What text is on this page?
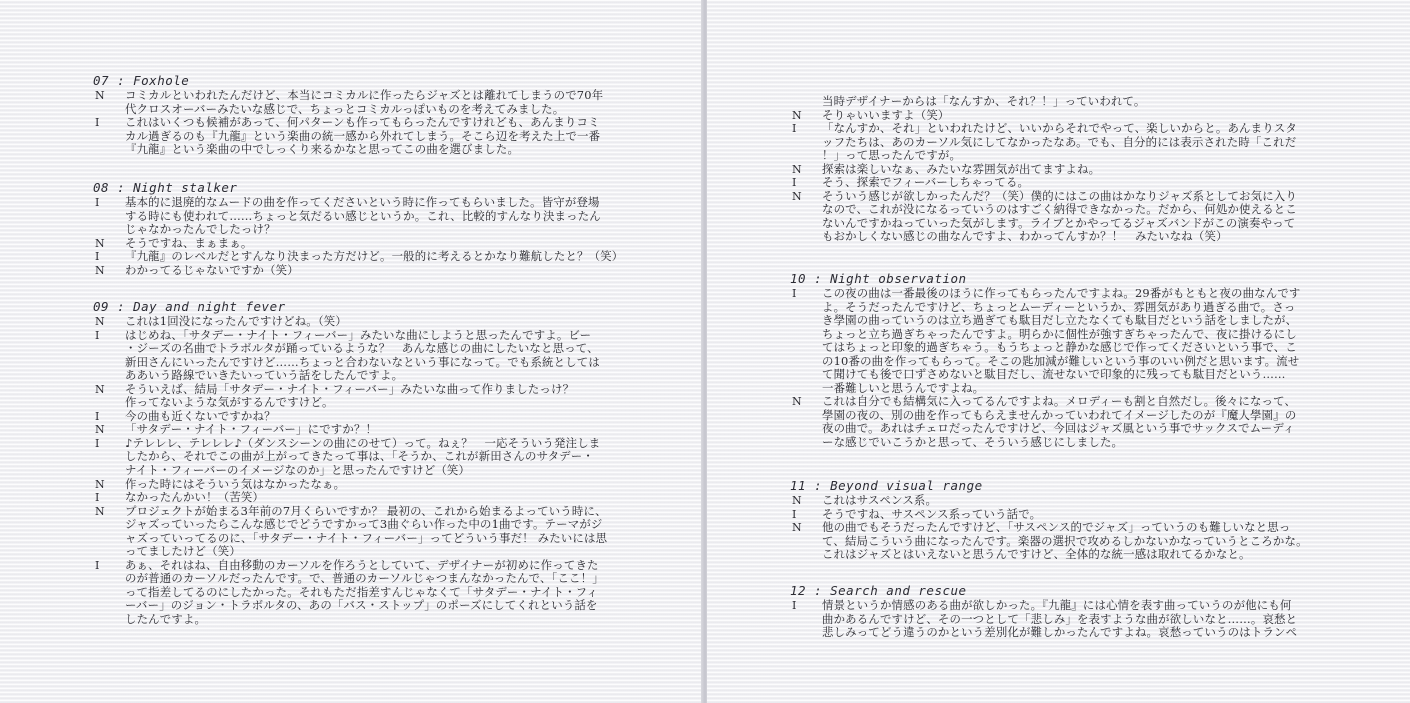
07 : Foxhole
N	コミカルといわれたんだけど、本当にコミカルに作ったらジャズとは離れてしまうので70年
代クロスオーバーみたいな感じで、ちょっとコミカルっぽいものを考えてみました。
I	これはいくつも候補があって、何パターンも作ってもらったんですけれども、あんまりコミ
カル過ぎるのも『九龍』という楽曲の統一感から外れてしまう。そこら辺を考えた上で一番
『九龍』という楽曲の中でしっくり来るかなと思ってこの曲を選びました。
08 : Night stalker
I	基本的に退廃的なムードの曲を作ってくださいという時に作ってもらいました。皆守が登場
する時にも使われて……ちょっと気だるい感じというか。これ、比較的すんなり決まったん
じゃなかったんでしたっけ？
N	そうですね、まぁまぁ。
I	『九龍』のレベルだとすんなり決まった方だけど。一般的に考えるとかなり難航したと？（笑）
N	わかってるじゃないですか（笑）
09 : Day and night fever
N	これは1回没になったんですけどね。（笑）
I	はじめね、「サタデー・ナイト・フィーバー」みたいな曲にしようと思ったんですよ。ビー
・ジーズの名曲でトラボルタが踊っているような？　あんな感じの曲にしたいなと思って、
新田さんにいったんですけど……ちょっと合わないなという事になって。でも系統としては
ああいう路線でいきたいっていう話をしたんですよ。
N	そういえば、結局「サタデー・ナイト・フィーバー」みたいな曲って作りましたっけ？
作ってないような気がするんですけど。
I	今の曲も近くないですかね？
N	「サタデー・ナイト・フィーバー」にですか？！
I	♪テレレレ、テレレレ♪（ダンスシーンの曲にのせて）って。ねぇ？　一応そういう発注しま
したから、それでこの曲が上がってきたって事は、「そうか、これが新田さんのサタデー・
ナイト・フィーバーのイメージなのか」と思ったんですけど（笑）
N	作った時にはそういう気はなかったなぁ。
I	なかったんかい！（苦笑）
N	プロジェクトが始まる3年前の7月くらいですか？ 最初の、これから始まるよっていう時に、
ジャズっていったらこんな感じでどうですかって3曲ぐらい作った中の1曲です。テーマがジ
ャズっていってるのに、「サタデー・ナイト・フィーバー」ってどういう事だ！ みたいには思
ってましたけど（笑）
I	あぁ、それはね、自由移動のカーソルを作ろうとしていて、デザイナーが初めに作ってきた
のが普通のカーソルだったんです。で、普通のカーソルじゃつまんなかったんで、「ここ！」
って指差してるのにしたかった。それもただ指差すんじゃなくて「サタデー・ナイト・フィ
ーバー」のジョン・トラボルタの、あの「バス・ストップ」のポーズにしてくれという話を
したんですよ。
当時デザイナーからは「なんすか、それ？！」っていわれて。
N	そりゃいいますよ（笑）
I	「なんすか、それ」といわれたけど、いいからそれでやって、楽しいからと。あんまりスタ
ッフたちは、あのカーソル気にしてなかったなあ。でも、自分的には表示された時「これだ
！」って思ったんですが。
N	探索は楽しいなぁ、みたいな雰囲気が出てますよね。
I	そう、探索でフィーバーしちゃってる。
N	そういう感じが欲しかったんだ？（笑）僕的にはこの曲はかなりジャズ系としてお気に入り
なので、これが没になるっていうのはすごく納得できなかった。だから、何処か使えるとこ
ないんですかねっていった気がします。ライブとかやってるジャズバンドがこの演奏やって
もおかしくない感じの曲なんですよ、わかってんすか？！　みたいなね（笑）
10 : Night observation
I	この夜の曲は一番最後のほうに作ってもらったんですよね。29番がもともと夜の曲なんです
よ。そうだったんですけど、ちょっとムーディーというか、雰囲気があり過ぎる曲で。さっ
き學園の曲っていうのは立ち過ぎても駄目だし立たなくても駄目だという話をしましたが、
ちょっと立ち過ぎちゃったんですよ。明らかに個性が強すぎちゃったんで、夜に掛けるにし
てはちょっと印象的過ぎちゃう。もうちょっと静かな感じで作ってくださいという事で、こ
の10番の曲を作ってもらって。そこの匙加減が難しいという事のいい例だと思います。流せ
て聞けても後で口ずさめないと駄目だし、流せないで印象的に残っても駄目だという……
一番難しいと思うんですよね。
N	これは自分でも結構気に入ってるんですよね。メロディーも割と自然だし。後々になって、
學園の夜の、別の曲を作ってもらえませんかっていわれてイメージしたのが『魔人學園』の
夜の曲で。あれはチェロだったんですけど、今回はジャズ風という事でサックスでムーディ
ーな感じでいこうかと思って、そういう感じにしました。
11 : Beyond visual range
N	これはサスペンス系。
I	そうですね、サスペンス系っていう話で。
N	他の曲でもそうだったんですけど、「サスペンス的でジャズ」っていうのも難しいなと思っ
て、結局こういう曲になったんです。楽器の選択で攻めるしかないかなっていうところかな。
これはジャズとはいえないと思うんですけど、全体的な統一感は取れてるかなと。
12 : Search and rescue
I	情景というか情感のある曲が欲しかった。『九龍』には心情を表す曲っていうのが他にも何
曲かあるんですけど、その一つとして「悲しみ」を表すような曲が欲しいなと……。哀愁と
悲しみってどう違うのかという差別化が難しかったんですよね。哀愁っていうのはトランペ
